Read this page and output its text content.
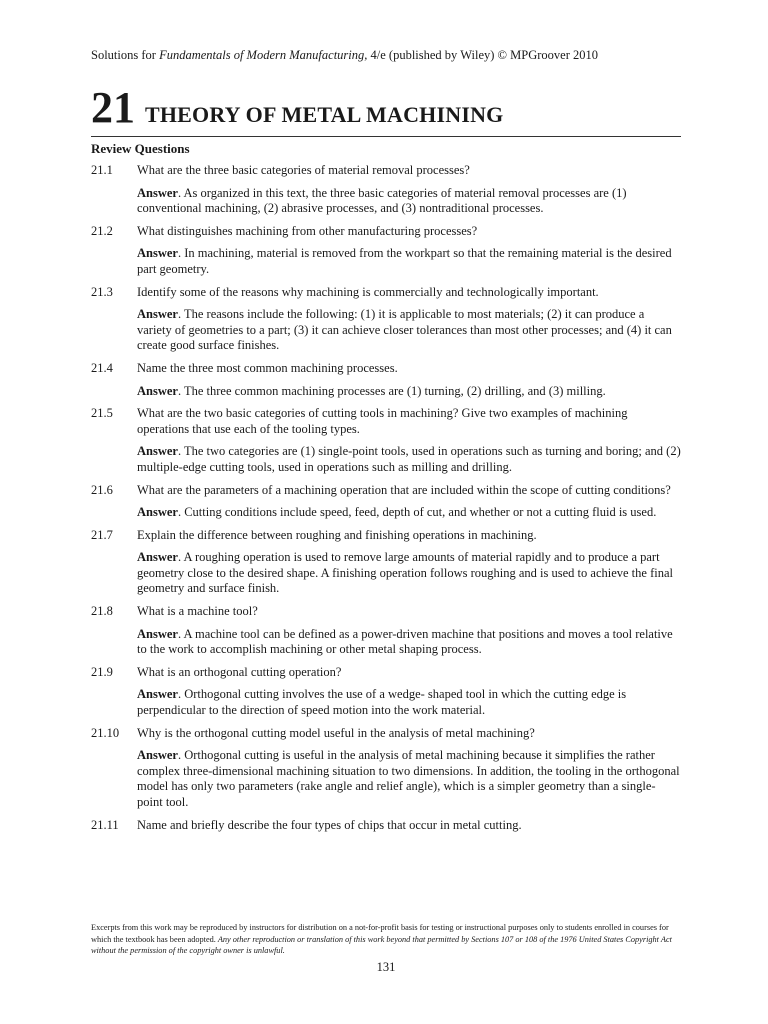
Solutions for Fundamentals of Modern Manufacturing, 4/e (published by Wiley) © MPGroover 2010
21 THEORY OF METAL MACHINING
Review Questions
21.1	What are the three basic categories of material removal processes?
Answer. As organized in this text, the three basic categories of material removal processes are (1) conventional machining, (2) abrasive processes, and (3) nontraditional processes.
21.2	What distinguishes machining from other manufacturing processes?
Answer. In machining, material is removed from the workpart so that the remaining material is the desired part geometry.
21.3	Identify some of the reasons why machining is commercially and technologically important.
Answer. The reasons include the following: (1) it is applicable to most materials; (2) it can produce a variety of geometries to a part; (3) it can achieve closer tolerances than most other processes; and (4) it can create good surface finishes.
21.4	Name the three most common machining processes.
Answer. The three common machining processes are (1) turning, (2) drilling, and (3) milling.
21.5	What are the two basic categories of cutting tools in machining? Give two examples of machining operations that use each of the tooling types.
Answer. The two categories are (1) single-point tools, used in operations such as turning and boring; and (2) multiple-edge cutting tools, used in operations such as milling and drilling.
21.6	What are the parameters of a machining operation that are included within the scope of cutting conditions?
Answer. Cutting conditions include speed, feed, depth of cut, and whether or not a cutting fluid is used.
21.7	Explain the difference between roughing and finishing operations in machining.
Answer. A roughing operation is used to remove large amounts of material rapidly and to produce a part geometry close to the desired shape. A finishing operation follows roughing and is used to achieve the final geometry and surface finish.
21.8	What is a machine tool?
Answer. A machine tool can be defined as a power-driven machine that positions and moves a tool relative to the work to accomplish machining or other metal shaping process.
21.9	What is an orthogonal cutting operation?
Answer. Orthogonal cutting involves the use of a wedge- shaped tool in which the cutting edge is perpendicular to the direction of speed motion into the work material.
21.10	Why is the orthogonal cutting model useful in the analysis of metal machining?
Answer. Orthogonal cutting is useful in the analysis of metal machining because it simplifies the rather complex three-dimensional machining situation to two dimensions. In addition, the tooling in the orthogonal model has only two parameters (rake angle and relief angle), which is a simpler geometry than a single-point tool.
21.11	Name and briefly describe the four types of chips that occur in metal cutting.
Excerpts from this work may be reproduced by instructors for distribution on a not-for-profit basis for testing or instructional purposes only to students enrolled in courses for which the textbook has been adopted. Any other reproduction or translation of this work beyond that permitted by Sections 107 or 108 of the 1976 United States Copyright Act without the permission of the copyright owner is unlawful.
131
